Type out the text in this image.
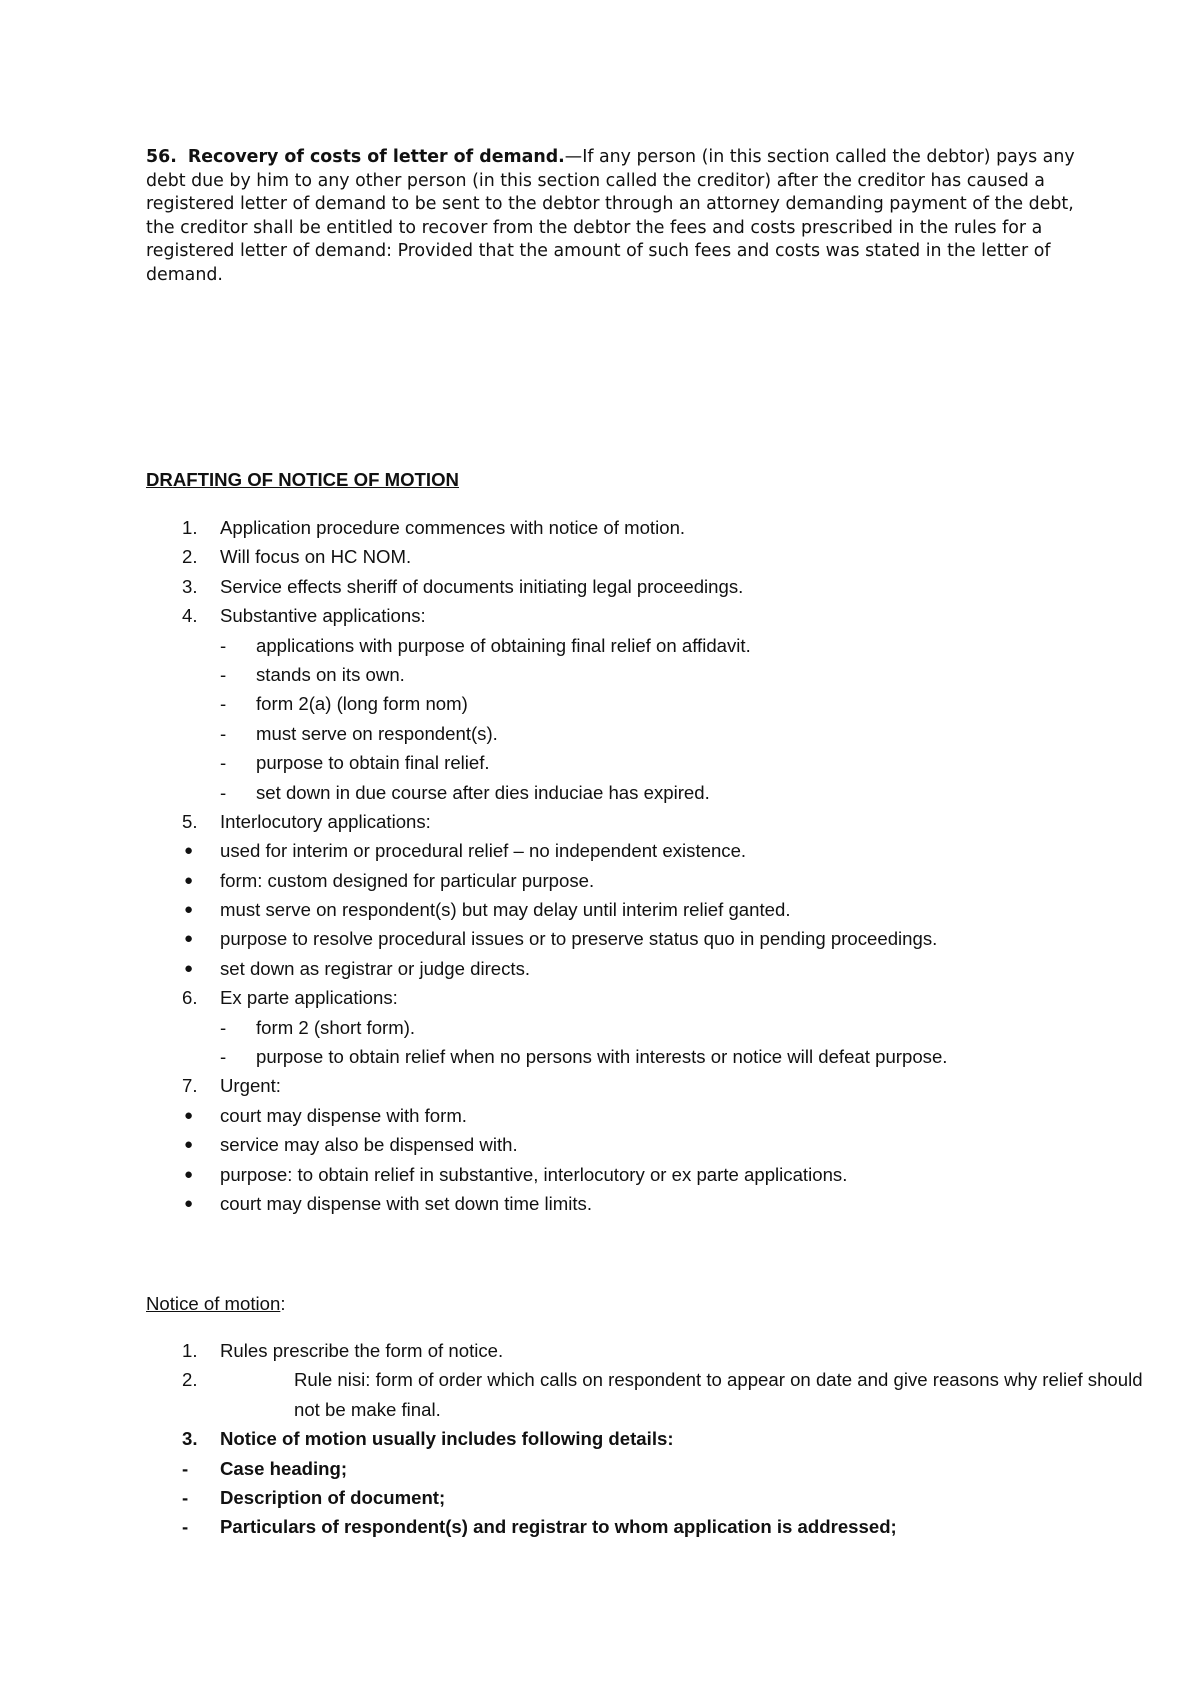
56. Recovery of costs of letter of demand.—If any person (in this section called the debtor) pays any debt due by him to any other person (in this section called the creditor) after the creditor has caused a registered letter of demand to be sent to the debtor through an attorney demanding payment of the debt, the creditor shall be entitled to recover from the debtor the fees and costs prescribed in the rules for a registered letter of demand: Provided that the amount of such fees and costs was stated in the letter of demand.
DRAFTING OF NOTICE OF MOTION
1.	Application procedure commences with notice of motion.
2.	Will focus on HC NOM.
3.	Service effects sheriff of documents initiating legal proceedings.
4.	Substantive applications:
-	applications with purpose of obtaining final relief on affidavit.
-	stands on its own.
-	form 2(a) (long form nom)
-	must serve on respondent(s).
-	purpose to obtain final relief.
-	set down in due course after dies induciae has expired.
5.	Interlocutory applications:
●	used for interim or procedural relief – no independent existence.
●	form: custom designed for particular purpose.
●	must serve on respondent(s) but may delay until interim relief ganted.
●	purpose to resolve procedural issues or to preserve status quo in pending proceedings.
●	set down as registrar or judge directs.
6.	Ex parte applications:
-	form 2 (short form).
-	purpose to obtain relief when no persons with interests or notice will defeat purpose.
7.	Urgent:
●	court may dispense with form.
●	service may also be dispensed with.
●	purpose: to obtain relief in substantive, interlocutory or ex parte applications.
●	court may dispense with set down time limits.
Notice of motion:
1.	Rules prescribe the form of notice.
2.	Rule nisi: form of order which calls on respondent to appear on date and give reasons why relief should not be make final.
3.	Notice of motion usually includes following details:
-	Case heading;
-	Description of document;
-	Particulars of respondent(s) and registrar to whom application is addressed;
